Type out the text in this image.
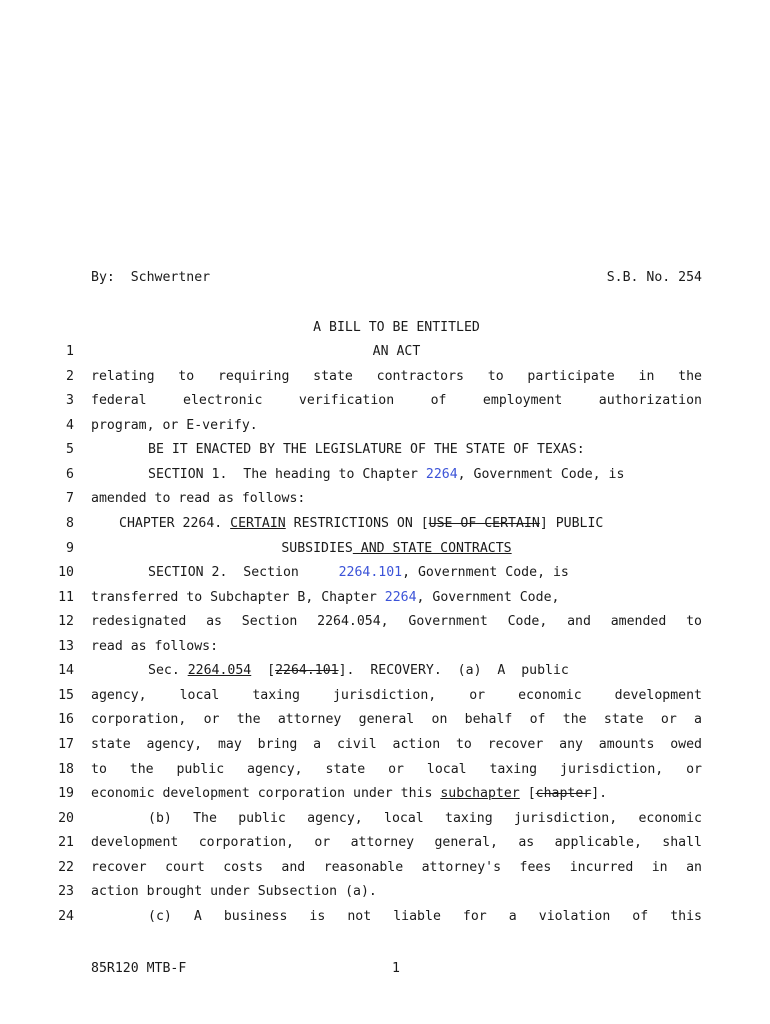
By: Schwertner	S.B. No. 254
A BILL TO BE ENTITLED
1	AN ACT
2 relating to requiring state contractors to participate in the
3 federal electronic verification of employment authorization
4 program, or E-verify.
5	BE IT ENACTED BY THE LEGISLATURE OF THE STATE OF TEXAS:
6	SECTION 1.  The heading to Chapter 2264, Government Code, is
7 amended to read as follows:
8	CHAPTER 2264. CERTAIN RESTRICTIONS ON [USE OF CERTAIN] PUBLIC
9	SUBSIDIES AND STATE CONTRACTS
10	SECTION 2.  Section     2264.101, Government Code, is
11 transferred to Subchapter B, Chapter 2264, Government Code,
12 redesignated as Section 2264.054, Government Code, and amended to
13 read as follows:
14	Sec. 2264.054  [2264.101].  RECOVERY.  (a)  A  public
15 agency, local taxing jurisdiction, or economic development
16 corporation, or the attorney general on behalf of the state or a
17 state agency, may bring a civil action to recover any amounts owed
18 to the public agency, state or local taxing jurisdiction, or
19 economic development corporation under this subchapter [chapter].
20	(b) The public agency, local taxing jurisdiction, economic
21 development corporation, or attorney general, as applicable, shall
22 recover court costs and reasonable attorney's fees incurred in an
23 action brought under Subsection (a).
24	(c) A business is not liable for a violation of this
85R120 MTB-F	1
